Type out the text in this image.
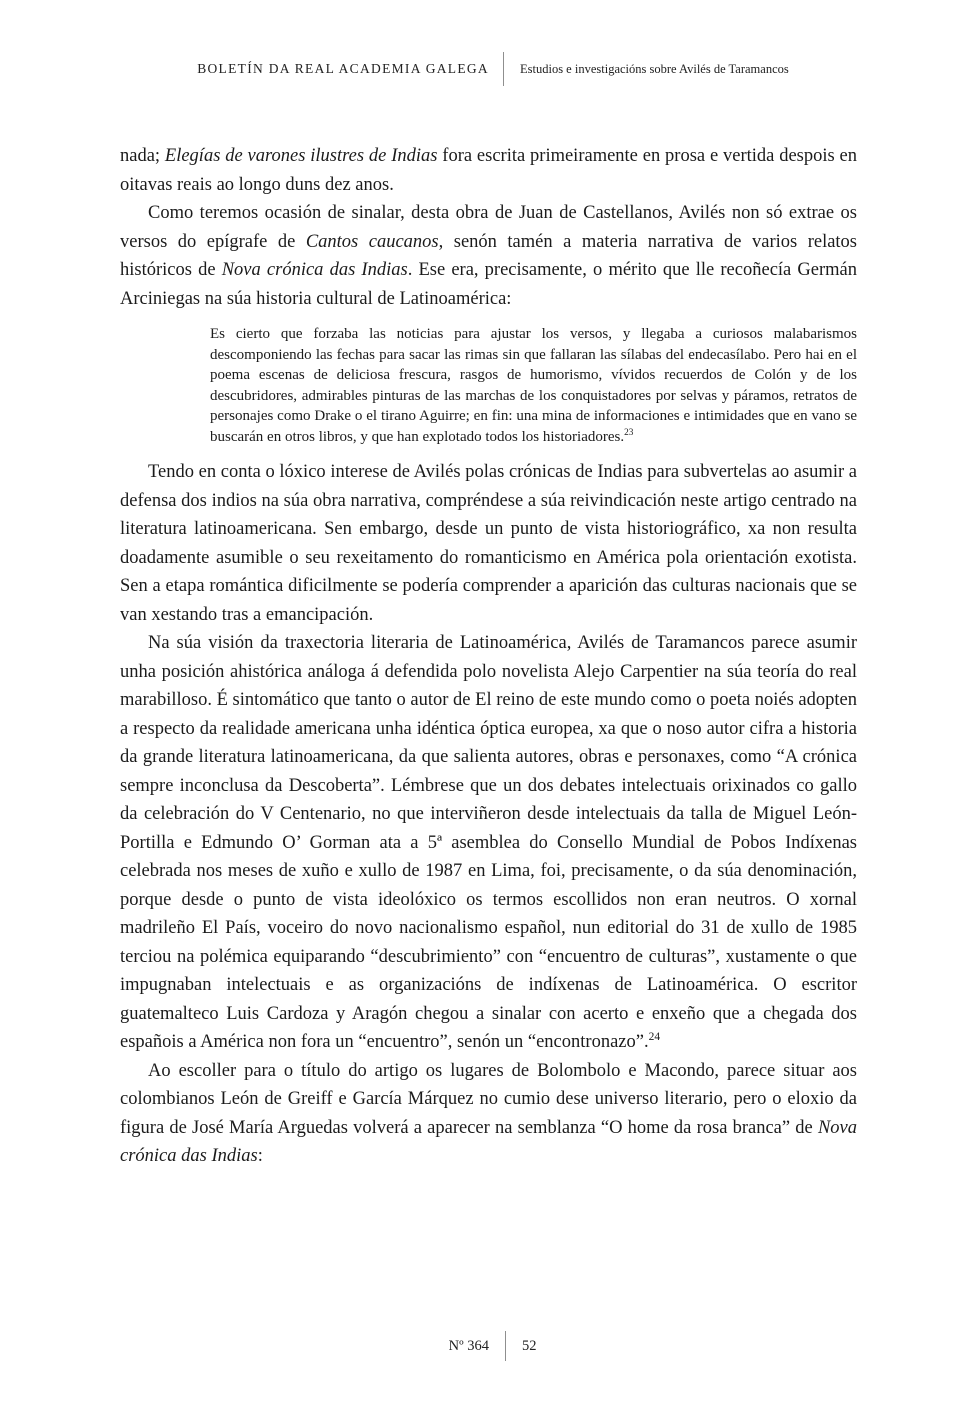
BOLETÍN DA REAL ACADEMIA GALEGA	Estudios e investigacións sobre Avilés de Taramancos

nada; Elegías de varones ilustres de Indias fora escrita primeiramente en prosa e vertida despois en oitavas reais ao longo duns dez anos.

Como teremos ocasión de sinalar, desta obra de Juan de Castellanos, Avilés non só extrae os versos do epígrafe de Cantos caucanos, senón tamén a materia narrativa de varios relatos históricos de Nova crónica das Indias. Ese era, precisamente, o mérito que lle recoñecía Germán Arciniegas na súa historia cultural de Latinoamérica:

Es cierto que forzaba las noticias para ajustar los versos, y llegaba a curiosos malabarismos descomponiendo las fechas para sacar las rimas sin que fallaran las sílabas del endecasílabo. Pero hai en el poema escenas de deliciosa frescura, rasgos de humorismo, vívidos recuerdos de Colón y de los descubridores, admirables pinturas de las marchas de los conquistadores por selvas y páramos, retratos de personajes como Drake o el tirano Aguirre; en fin: una mina de informaciones e intimidades que en vano se buscarán en otros libros, y que han explotado todos los historiadores.$^{23}$

Tendo en conta o lóxico interese de Avilés polas crónicas de Indias para subvertelas ao asumir a defensa dos indios na súa obra narrativa, compréndese a súa reivindicación neste artigo centrado na literatura latinoamericana. Sen embargo, desde un punto de vista historiográfico, xa non resulta doadamente asumible o seu rexeitamento do romanticismo en América pola orientación exotista. Sen a etapa romántica dificilmente se podería comprender a aparición das culturas nacionais que se van xestando tras a emancipación.

Na súa visión da traxectoria literaria de Latinoamérica, Avilés de Taramancos parece asumir unha posición ahistórica análoga á defendida polo novelista Alejo Carpentier na súa teoría do real marabilloso. É sintomático que tanto o autor de El reino de este mundo como o poeta noiés adopten a respecto da realidade americana unha idéntica óptica europea, xa que o noso autor cifra a historia da grande literatura latinoamericana, da que salienta autores, obras e personaxes, como “A crónica sempre inconclusa da Descoberta”. Lémbrese que un dos debates intelectuais orixinados co gallo da celebración do V Centenario, no que interviñeron desde intelectuais da talla de Miguel León-Portilla e Edmundo O’ Gorman ata a 5ª asemblea do Consello Mundial de Pobos Indíxenas celebrada nos meses de xuño e xullo de 1987 en Lima, foi, precisamente, o da súa denominación, porque desde o punto de vista ideolóxico os termos escollidos non eran neutros. O xornal madrileño El País, voceiro do novo nacionalismo español, nun editorial do 31 de xullo de 1985 terciou na polémica equiparando “descubrimiento” con “encuentro de culturas”, xustamente o que impugnaban intelectuais e as organizacións de indíxenas de Latinoamérica. O escritor guatemalteco Luis Cardoza y Aragón chegou a sinalar con acerto e enxeño que a chegada dos españois a América non fora un “encuentro”, senón un “encontronazo”.$^{24}$

Ao escoller para o título do artigo os lugares de Bolombolo e Macondo, parece situar aos colombianos León de Greiff e García Márquez no cumio dese universo literario, pero o eloxio da figura de José María Arguedas volverá a aparecer na semblanza “O home da rosa branca” de Nova crónica das Indias:

Nº 364	52
